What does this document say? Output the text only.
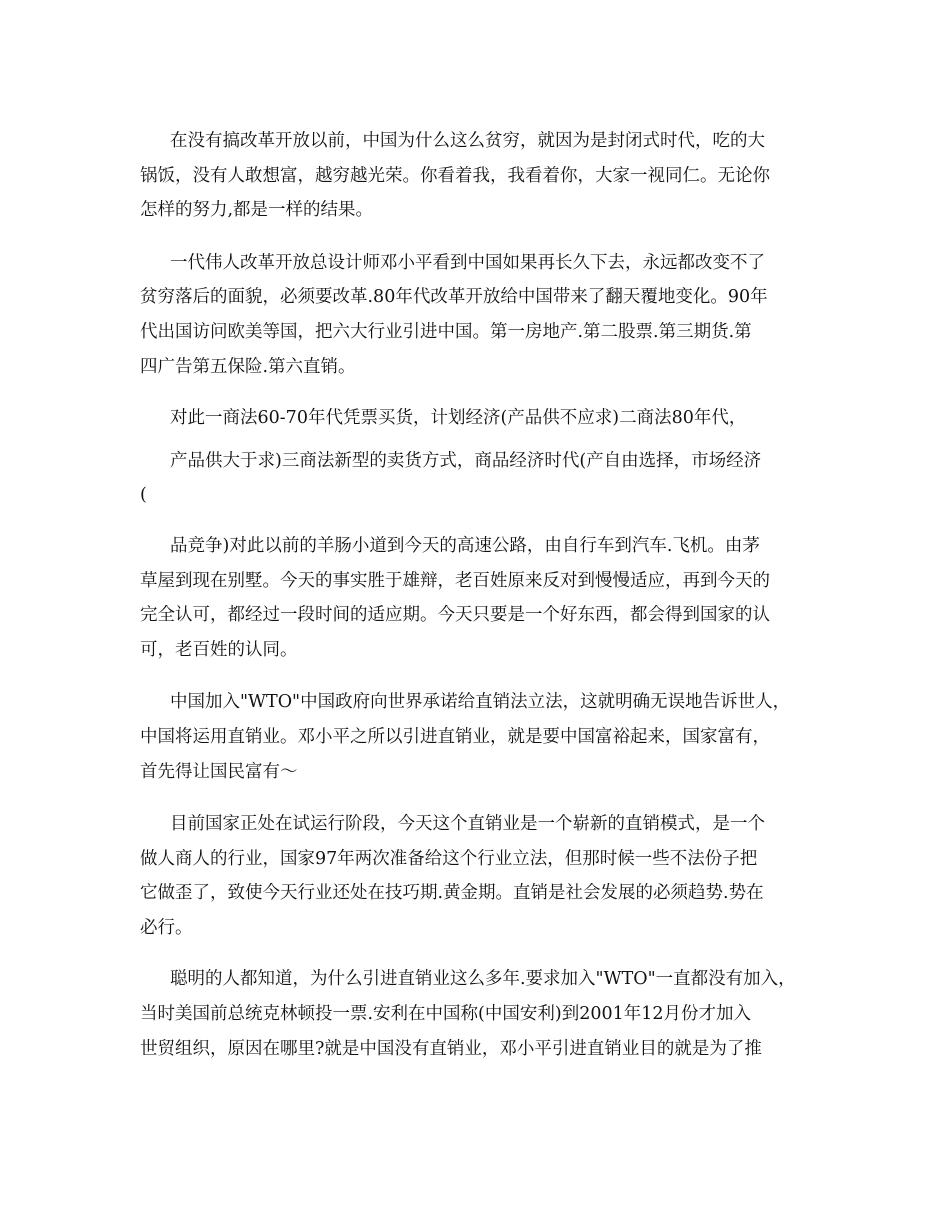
在没有搞改革开放以前，中国为什么这么贫穷，就因为是封闭式时代，吃的大
锅饭，没有人敢想富，越穷越光荣。你看着我，我看着你，大家一视同仁。无论你
怎样的努力,都是一样的结果。
一代伟人改革开放总设计师邓小平看到中国如果再长久下去，永远都改变不了
贫穷落后的面貌，必须要改革.80年代改革开放给中国带来了翻天覆地变化。90年
代出国访问欧美等国，把六大行业引进中国。第一房地产.第二股票.第三期货.第
四广告第五保险.第六直销。
对此一商法60-70年代凭票买货，计划经济(产品供不应求)二商法80年代，
产品供大于求)三商法新型的卖货方式，商品经济时代(产自由选择，市场经济
(
品竞争)对此以前的羊肠小道到今天的高速公路，由自行车到汽车.飞机。由茅
草屋到现在别墅。今天的事实胜于雄辩，老百姓原来反对到慢慢适应，再到今天的
完全认可，都经过一段时间的适应期。今天只要是一个好东西，都会得到国家的认
可，老百姓的认同。
中国加入"WTO"中国政府向世界承诺给直销法立法，这就明确无误地告诉世人，
中国将运用直销业。邓小平之所以引进直销业，就是要中国富裕起来，国家富有，
首先得让国民富有～
目前国家正处在试运行阶段，今天这个直销业是一个崭新的直销模式，是一个
做人商人的行业，国家97年两次准备给这个行业立法，但那时候一些不法份子把
它做歪了，致使今天行业还处在技巧期.黄金期。直销是社会发展的必须趋势.势在
必行。
聪明的人都知道，为什么引进直销业这么多年.要求加入"WTO"一直都没有加入，
当时美国前总统克林顿投一票.安利在中国称(中国安利)到2001年12月份才加入
世贸组织，原因在哪里?就是中国没有直销业，邓小平引进直销业目的就是为了推
